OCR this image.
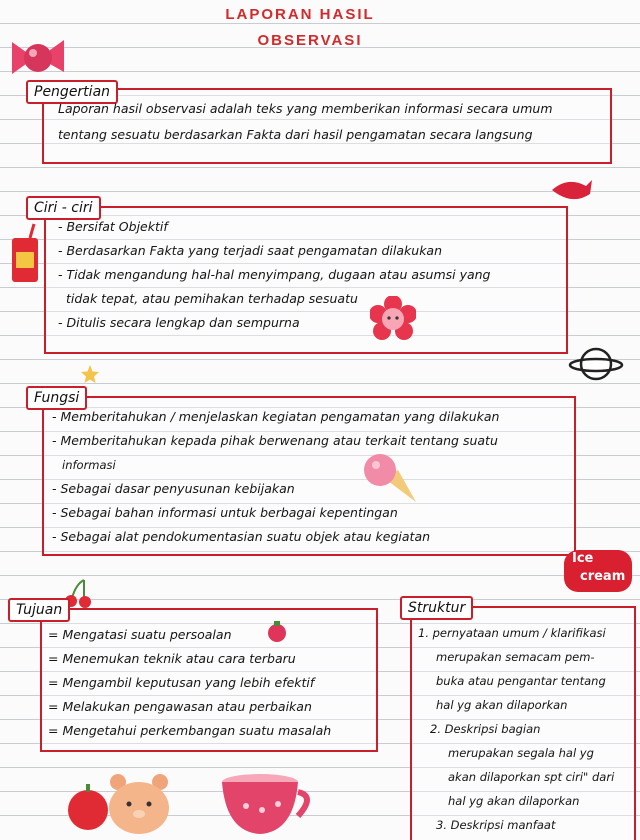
LAPORAN HASIL
OBSERVASI
Pengertian
Laporan hasil observasi adalah teks yang memberikan informasi secara umum
tentang sesuatu berdasarkan Fakta dari hasil pengamatan secara langsung
Ciri - ciri
- Bersifat Objektif
- Berdasarkan Fakta yang terjadi saat pengamatan dilakukan
- Tidak mengandung hal-hal menyimpang, dugaan atau asumsi yang
tidak tepat, atau pemihakan terhadap sesuatu
- Ditulis secara lengkap dan sempurna
Fungsi
- Memberitahukan / menjelaskan kegiatan pengamatan yang dilakukan
- Memberitahukan kepada pihak berwenang atau terkait tentang suatu
informasi
- Sebagai dasar penyusunan kebijakan
- Sebagai bahan informasi untuk berbagai kepentingan
- Sebagai alat pendokumentasian suatu objek atau kegiatan
Ice
cream
Tujuan
= Mengatasi suatu persoalan
= Menemukan teknik atau cara terbaru
= Mengambil keputusan yang lebih efektif
= Melakukan pengawasan atau perbaikan
= Mengetahui perkembangan suatu masalah
Struktur
1. pernyataan umum / klarifikasi
merupakan semacam pem-
buka atau pengantar tentang
hal yg akan dilaporkan
2. Deskripsi bagian
merupakan segala hal yg
akan dilaporkan spt ciri" dari
hal yg akan dilaporkan
3. Deskripsi manfaat
